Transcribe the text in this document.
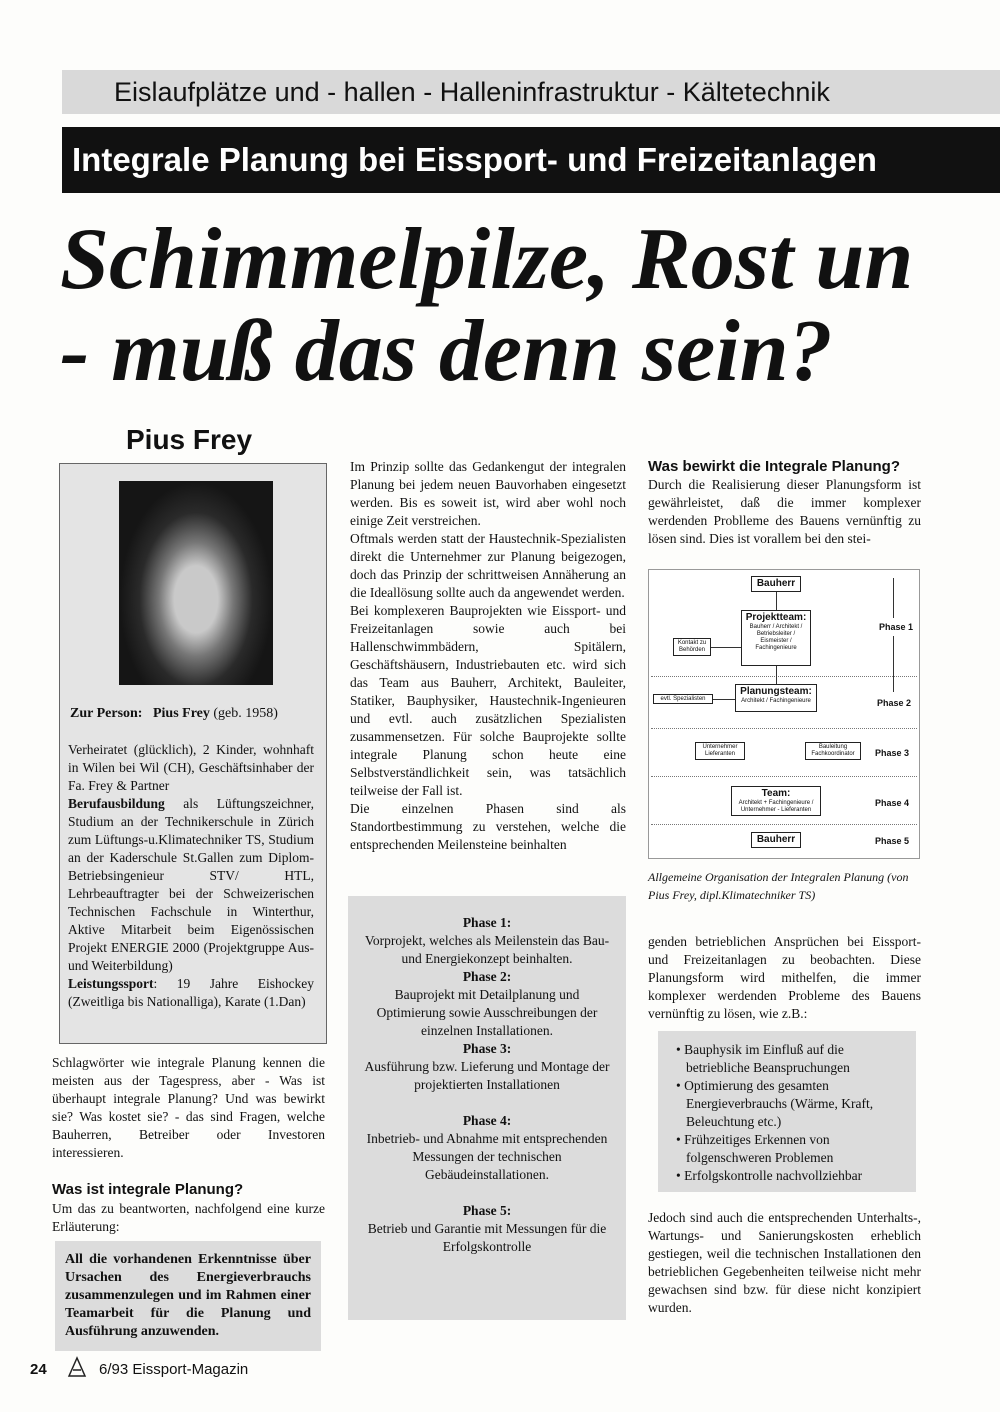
Eislaufplätze und - hallen - Halleninfrastruktur - Kältetechnik
Integrale Planung bei Eissport- und Freizeitanlagen
Schimmelpilze, Rost un
- muß das denn sein?
Pius Frey
Zur Person: Pius Frey (geb. 1958)

Verheiratet (glücklich), 2 Kinder, wohnhaft in Wilen bei Wil (CH), Geschäftsinhaber der Fa. Frey & Partner

Berufausbildung als Lüftungszeichner, Studium an der Technikerschule in Zürich zum Lüftungs-u.Klimatechniker TS, Studium an der Kaderschule St.Gallen zum Diplom-Betriebsingenieur STV/ HTL, Lehrbeauftragter bei der Schweizerischen Technischen Fachschule in Winterthur, Aktive Mitarbeit beim Eigenössischen Projekt ENERGIE 2000 (Projektgruppe Aus- und Weiterbildung)

Leistungssport: 19 Jahre Eishockey (Zweitliga bis Nationalliga), Karate (1.Dan)

Schlagwörter wie integrale Planung kennen die meisten aus der Tagespress, aber - Was ist überhaupt integrale Planung? Und was bewirkt sie? Was kostet sie? - das sind Fragen, welche Bauherren, Betreiber oder Investoren interessieren.
Was ist integrale Planung?
Um das zu beantworten, nachfolgend eine kurze Erläuterung:
All die vorhandenen Erkenntnisse über Ursachen des Energieverbrauchs zusammenzulegen und im Rahmen einer Teamarbeit für die Planung und Ausführung anzuwenden.

Im Prinzip sollte das Gedankengut der integralen Planung bei jedem neuen Bauvorhaben eingesetzt werden. Bis es soweit ist, wird aber wohl noch einige Zeit verstreichen.

Oftmals werden statt der Haustechnik-Spezialisten direkt die Unternehmer zur Planung beigezogen, doch das Prinzip der schrittweisen Annäherung an die Ideallösung sollte auch da angewendet werden.

Bei komplexeren Bauprojekten wie Eissport- und Freizeitanlagen sowie auch bei Hallenschwimmbädern, Spitälern, Geschäftshäusern, Industriebauten etc. wird sich das Team aus Bauherr, Architekt, Bauleiter, Statiker, Bauphysiker, Haustechnik-Ingenieuren und evtl. auch zusätzlichen Spezialisten zusammensetzen. Für solche Bauprojekte sollte integrale Planung schon heute eine Selbstverständlichkeit sein, was tatsächlich teilweise der Fall ist.

Die einzelnen Phasen sind als Standortbestimmung zu verstehen, welche die entsprechenden Meilensteine beinhalten

Phase 1:
Vorprojekt, welches als Meilenstein das Bau- und Energiekonzept beinhalten.
Phase 2:
Bauprojekt mit Detailplanung und Optimierung sowie Ausschreibungen der einzelnen Installationen.
Phase 3:
Ausführung bzw. Lieferung und Montage der projektierten Installationen
Phase 4:
Inbetrieb- und Abnahme mit entsprechenden Messungen der technischen Gebäudeinstallationen.
Phase 5:
Betrieb und Garantie mit Messungen für die Erfolgskontrolle
Was bewirkt die Integrale Planung?
Durch die Realisierung dieser Planungsform ist gewährleistet, daß die immer komplexer werdenden Problleme des Bauens vernünftig zu lösen sind. Dies ist vorallem bei den stei-
Bauherr
Projektteam:
Bauherr / Architekt / Betriebsleiter / Eismeister / Fachingenieure
Kontakt zu Behörden
Phase 1
Planungsteam:
Architekt / Fachingenieure
evtl. Spezialisten	Phase 2
Unternehmer Lieferanten
Bauleitung Fachkoordinator	Phase 3
Team:
Architekt + Fachingenieure / Unternehmer - Lieferanten
Phase 4
Bauherr	Phase 5
Allgemeine Organisation der Integralen Planung (von Pius Frey, dipl.Klimatechniker TS)
genden betrieblichen Ansprüchen bei Eissport- und Freizeitanlagen zu beobachten. Diese Planungsform wird mithelfen, die immer komplexer werdenden Probleme des Bauens vernünftig zu lösen, wie z.B.:
• Bauphysik im Einfluß auf die betriebliche Beanspruchungen
• Optimierung des gesamten Energieverbrauchs (Wärme, Kraft, Beleuchtung etc.)
• Frühzeitiges Erkennen von folgenschweren Problemen
• Erfolgskontrolle nachvollziehbar
Jedoch sind auch die entsprechenden Unterhalts-, Wartungs- und Sanierungskosten erheblich gestiegen, weil die technischen Installationen den betrieblichen Gegebenheiten teilweise nicht mehr gewachsen sind bzw. für diese nicht konzipiert wurden.
24	6/93 Eissport-Magazin
